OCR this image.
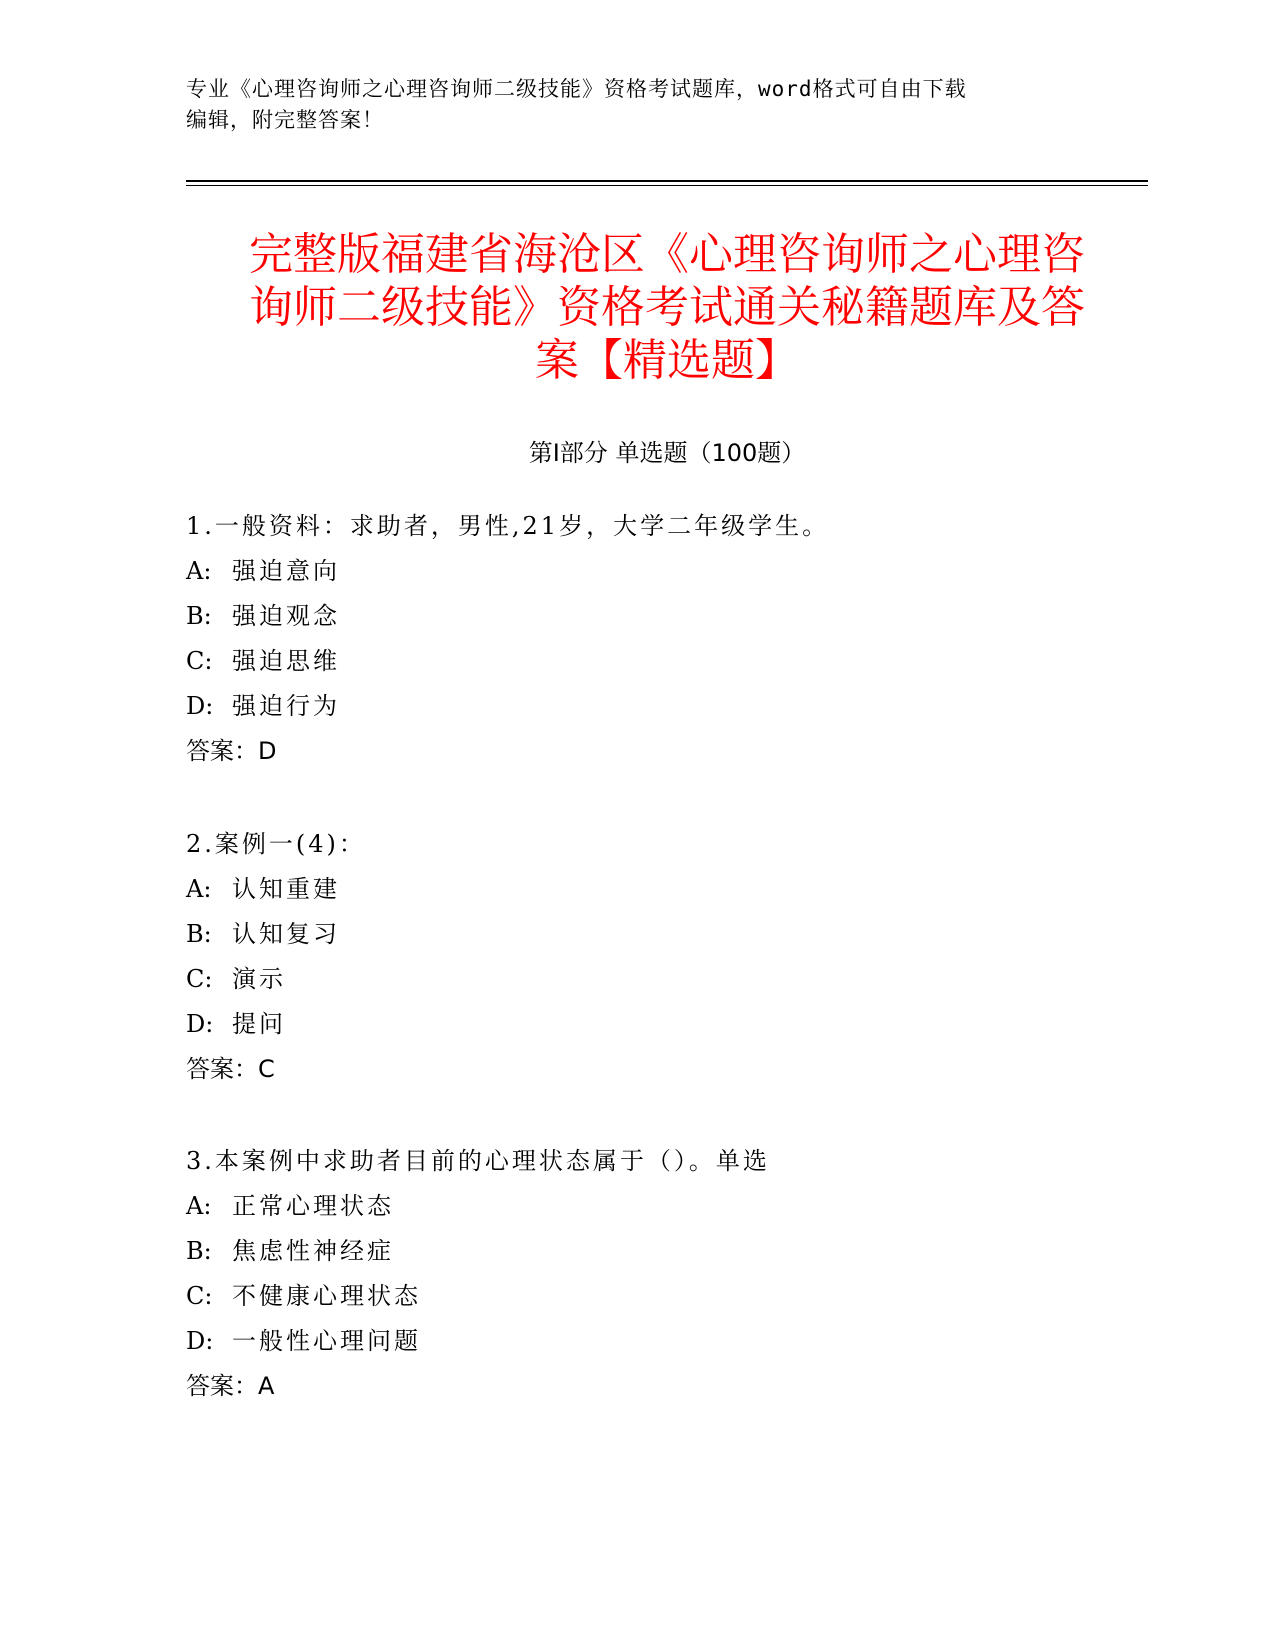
专业《心理咨询师之心理咨询师二级技能》资格考试题库，word格式可自由下载
编辑，附完整答案！
完整版福建省海沧区《心理咨询师之心理咨
询师二级技能》资格考试通关秘籍题库及答
案【精选题】
第Ⅰ部分 单选题（100题）
1.一般资料：求助者，男性,21岁，大学二年级学生。
A: 强迫意向
B: 强迫观念
C: 强迫思维
D: 强迫行为
答案：D
2.案例一(4)：
A: 认知重建
B: 认知复习
C: 演示
D: 提问
答案：C
3.本案例中求助者目前的心理状态属于（）。单选
A: 正常心理状态
B: 焦虑性神经症
C: 不健康心理状态
D: 一般性心理问题
答案：A
